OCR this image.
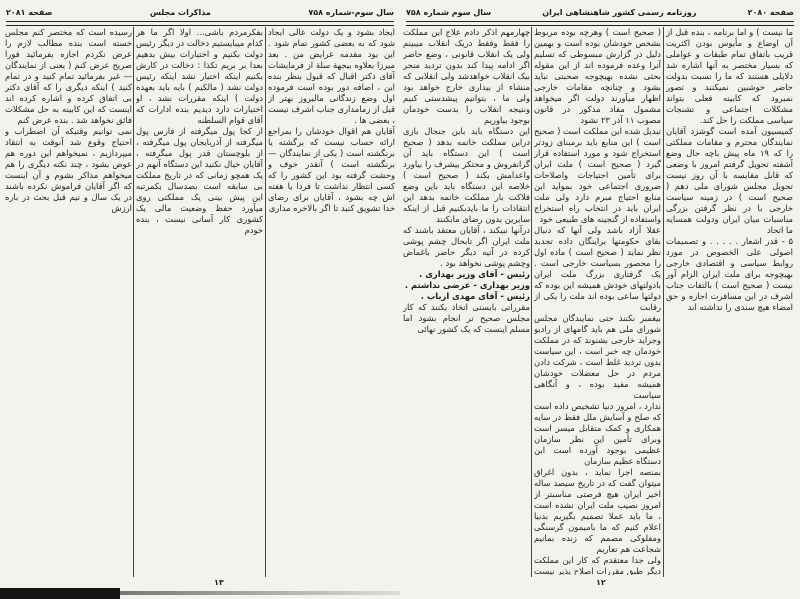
صفحه ۲۰۸۱	مذاکرات مجلس	سال سوم-شماره ۷۵۸

ایجاد بشود و یک دولت عالی ایجاد شود که به بعضی کشور تمام شود . این بود مقدمه عرایض من . بعد میرزا بعلاوه بیجهة سلة از فرمایشات آقای دکتر اقبال که قبول بنظر بنده این ، اضافه دور بوده است فرموده اول وضع زندگانی مالیروز بهتر از قبل از زمامداری جناب اشرف نیست ، بعضی ها .

آقایان هم اقوال خودشان را بمراجع ارائه حساب نیست که برگشته یا برنگشته است ( یکی از نمایندگان — برنگشته است ) آنقدر خوف و وحشت گرفته بود این کشور را که کسی انتظار نداشت تا فردا یا هفته اش چه بشود ، آقایان برای رضای خدا تشویق کنید تا اگر بالاخره مداری

بفکرمردم باشی... اولا اگر ما هر کدام میبایستیم دخالت در دیگر رئیس دولت بکنیم و اختیارات بیش بدهیم بعدا بر بریم تکذا : دخالت در کارش بکنیم اینکه اختیار نشد اینکه رئیس دولت نشد ( مالکیم ) بایه باید بعهده دولت ) اینکه مقررات نشد ، او اختیارات دارد دیدیم بنده ادارات که آقای قوام السلطنه

از کجا پول میگرفته از فارس پول میگرفته از آذربایجان پول میگرفته ، از بلوچستان قدر پول میگرفته ، آقایان خیال نکنید این دستگاه آنهم در یک همچو زمانی که در تاریخ مملکت بی سابقه است بصدسال یکمرتبه این پیش بینی یک مملکتی روی میآورد حفظ وضعیت مالی یک کشوری کار آسانی نیست ، بنده خودم

رسیده است که مختصر کنم مجلس خسته است بنده مطالب لازم را عرض نکردم اجازه بفرمائید فورا صریح عرض کنم ( یعنی از نمایندگان — غیر بفرمائید تمام کنید و در تمام کنید ) اینکه دیگری را که آقای دکتر بی اتفاق کرده و اشاره کرده اند اینست که این کابینه به حل مشکلات فائق نخواهد شد . بنده عرض کنم

نمی توانیم وقتیکه آن اضطراب و احتیاج وقوع شد آنوقت به انتقاد میپردازیم ، نمیخواهم این دوره هم عوض بشود ، چند نکته دیگری را هم میخواهم مذاکر بشوم و آن اینست که اگر آقایان فراموش نکرده باشند در یک سال و نیم قبل بحث در باره ارزش

۱۳
سال سوم شماره ۷۵۸	روزنامه رسمی کشور شاهنشاهی ایران	صفحه ۲۰۸۰

ما نیست ) و اما برنامه ، بنده قبل از آن اوضاع و مأیوس بودن اکثریت قریب باتفاق تمام طبقات و عواملی که بسیار مختصر به آنها اشاره شد دلایلی هستند که ما را نسبت بدولت حاضر خوشبین نمیکنند و تصور نمیرود که کابینه فعلی بتواند مشکلات اجتماعی و تشنجات سیاسی مملکت را حل کند.

کمیسیون آمده است گوشزد آقایان نمایندگان محترم و مقامات مملکتی را که ۱۹ ماه پیش باچه حال وضع آشفته تحویل گرفتم امروز با وضعی که قابل مقایسه با آن روز نیست تحویل مجلس شورای ملی دهم ( صحیح است ) در زمینه سیاست خارجی با در نظر گرفتن بزرگی مناسبات میان ایران ودولت همسایه ما اتحاد

۵ - قدر اشعار . . . . . و تصمیمات اصولی علی الخصوص در مورد روابط سیاسی و اقتصادی خارجی بهیچوجه برای ملت ایران الزام آور نیست ( صحیح است ) بالتفات جناب اشرف در این مسافرت اجازه و حق امضاء هیچ سندی را نداشته اند

( صحیح است ) وهرچه بوده مربوط بشخص خودشان بوده است و بهمین دلیل در گزارش مبسوطی که تسلیم آنرا وعده فرموده اند از این مقوله بحثی نشده بهیچوجه صحبتی نباید بشود و چنانچه مقامات خارجی اظهار میآورند دولت اگر میخواهد مشمول مفاد مذکور در قانون مصوب ۱۱ آذر ۲۳ نشود

تبدیل شده این مملکت است ( صحیح است ) این منابع باید برمبنای زودتر استخراج شود و مورد استفاده قرار گیرد ( صحیح است ) ملت ایران برای تأمین احتیاجات واصلاحات ضروری اجتماعی خود بمواید این منابع احتیاج مبرم دارد ولی ملت ایران باید در انتخاب راه استخراج واستفاده از گنجینه های طبیعی خود

عقلا آزاد باشد ولی آنها که دنبال بقای حکومتها براینگان داده تجدید نظر نماید ( صحیح است ) ماده اول را محصور بسیاست خارجی است . یک گرفتاری بزرگ ملت ایران بادولتهای خودش همیشه این بوده که دولتها ساعی بوده اند ملت را یکی از رقابت

بیغمبر نکنند حتی نمایندگان مجلس شورای ملی هم باید گامهای از رادیو وجراید خارجی بشنوند که در مملکت خودمان چه خبر است ، این سیاست بدون تردید غلط است ، شرکت دادن مردم در حل معضلات خودشان همیشه مفید بوده ، و آنگاهی سیاست

ندارد ، امروز دنیا تشخیص داده است که صلح و آسایش ملل فقط در سایه همکاری و کمک متقابل میسر است وبرای تأمین این نظر سازمان عظیمی بوجود آورده است این دستگاه عظیم سازمان

بمنصه اجرا نماید ، بدون اغراق میتوان گفت که در تاریخ سیصد ساله اخیر ایران هیچ فرصتی مناسبتر از امروز نصیب ملت ایران نشده است ، ما باید عملا تصمیم بگیریم بدنیا اعلام کنیم که ما بامیمون گرسنگی ومفلوکی مصمم که زنده بمانیم شجاعت هم تعاریم

ولی جدا معتقدم که کار این مملکت دیگر طبق مقررات اصلاح پذیر نیست

چهارمهم اذکر دادم علاج این مملکت را فقط وفقط دریک انقلاب میبینم ولی یک انقلاب قانونی ، وضع حاضر اگر ادامه پیدا کند بدون تردید منجر بیک انقلاب خواهدشد ولی انقلابی که منشاء از بیداری خارج خواهد بود ولی ما ، بتوانیم پیشدستی کنیم ونتیجه انقلاب را بدست خودمان بوجود بیاوریم

این دستگاه باید باین جنجال بازی دراین مملکت خاتمه بدهد ( صحیح است ) این دستگاه باید آن گرانفروش و محتکر بیشرف را بیاورد واعدامش بکند ( صحیح است ) خلاصه این دستگاه باید باین وضع فلاکت بار مملکت خاتمه بدهد این انتقادات را ما بایدبکنیم قبل از اینکه سایرین بدون رضای مابکنند

درآنها نبیکند ، آقایان معتقد باشند که ملت ایران اگر تابحال چشم پوشی کرده در آتیه دیگر حاضر باغماض وچشم پوشی نخواهد بود .

رئیس - آقای وزیر بهداری .

وزیر بهداری - عرضی نداشتم .

رئیس - آقای مهدی ارباب .

مقرراتی بایستی اتخاذ بکنند که کار مجلس صحیح تر انجام بشود اما مسلم اینست که یک کشور نهائی

۱۲
